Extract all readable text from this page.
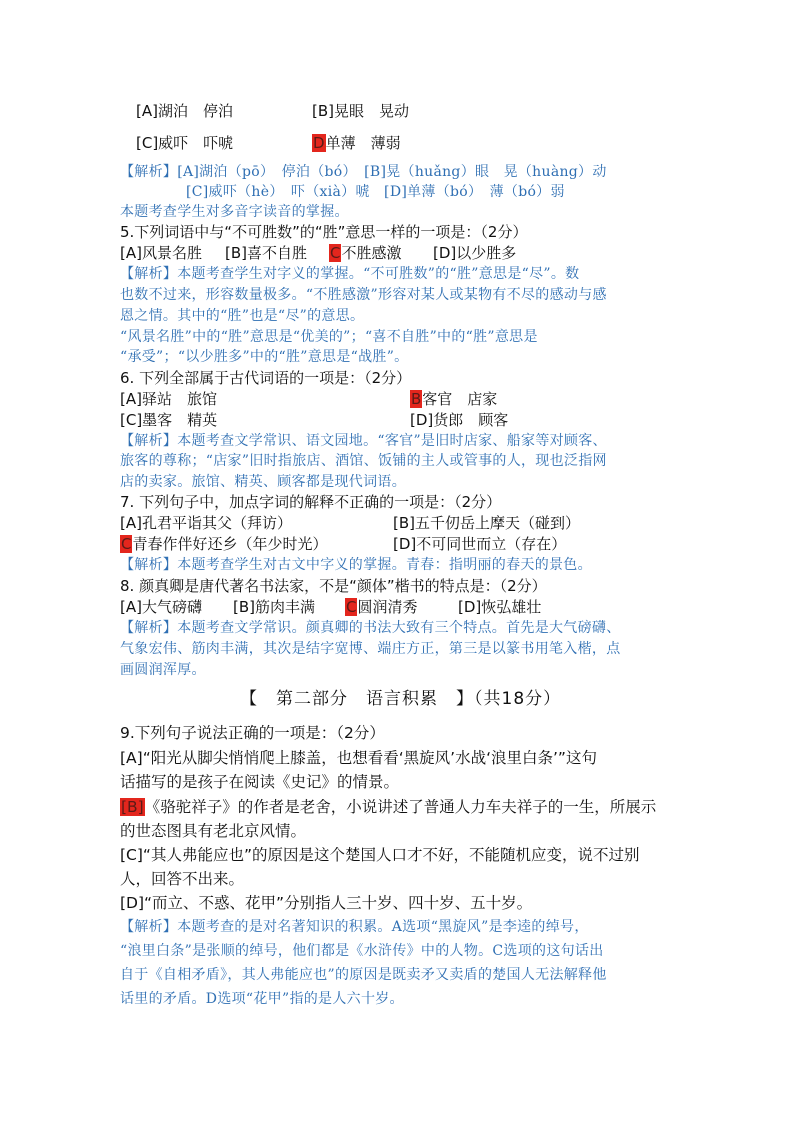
[A]湖泊　停泊	[B]晃眼　晃动
[C]威吓　吓唬	D单薄　薄弱
【解析】[A]湖泊（pō）　停泊（bó）　[B]晃（huǎng）眼　晃（huàng）动
[C]威吓（hè）　吓（xià）唬　[D]单薄（bó）　薄（bó）弱
本题考查学生对多音字读音的掌握。
5.下列词语中与“不可胜数”的“胜”意思一样的一项是：（2分）
[A]风景名胜 [B]喜不自胜 C不胜感激 [D]以少胜多
【解析】本题考查学生对字义的掌握。“不可胜数”的“胜”意思是“尽”。数
也数不过来，形容数量极多。“不胜感激”形容对某人或某物有不尽的感动与感
恩之情。其中的“胜”也是“尽”的意思。
“风景名胜”中的“胜”意思是“优美的”；“喜不自胜”中的“胜”意思是
“承受”；“以少胜多”中的“胜”意思是“战胜”。
6. 下列全部属于古代词语的一项是：（2分）
[A]驿站　旅馆	B客官　店家
[C]墨客　精英	[D]货郎　顾客
【解析】本题考查文学常识、语文园地。“客官”是旧时店家、船家等对顾客、
旅客的尊称；“店家”旧时指旅店、酒馆、饭铺的主人或管事的人，现也泛指网
店的卖家。旅馆、精英、顾客都是现代词语。
7. 下列句子中，加点字词的解释不正确的一项是：（2分）
[A]孔君平诣其父（拜访）	[B]五千仞岳上摩天（碰到）
C青春作伴好还乡（年少时光）	[D]不可同世而立（存在）
【解析】本题考查学生对古文中字义的掌握。青春：指明丽的春天的景色。
8. 颜真卿是唐代著名书法家，不是“颜体”楷书的特点是：（2分）
[A]大气磅礴 [B]筋肉丰满 C圆润清秀	[D]恢弘雄壮
【解析】本题考查文学常识。颜真卿的书法大致有三个特点。首先是大气磅礴、
气象宏伟、筋肉丰满，其次是结字宽博、端庄方正，第三是以篆书用笔入楷，点
画圆润浑厚。
【　第二部分　语言积累　】（共18分）
9.下列句子说法正确的一项是：（2分）
[A]“阳光从脚尖悄悄爬上膝盖，也想看看‘黑旋风’水战‘浪里白条’”这句
话描写的是孩子在阅读《史记》的情景。
[B]《骆驼祥子》的作者是老舍，小说讲述了普通人力车夫祥子的一生，所展示
的世态图具有老北京风情。
[C]“其人弗能应也”的原因是这个楚国人口才不好，不能随机应变，说不过别
人，回答不出来。
[D]“而立、不惑、花甲”分别指人三十岁、四十岁、五十岁。
【解析】本题考查的是对名著知识的积累。A选项“黑旋风”是李逵的绰号，
“浪里白条”是张顺的绰号，他们都是《水浒传》中的人物。C选项的这句话出
自于《自相矛盾》，其人弗能应也”的原因是既卖矛又卖盾的楚国人无法解释他
话里的矛盾。D选项“花甲”指的是人六十岁。
